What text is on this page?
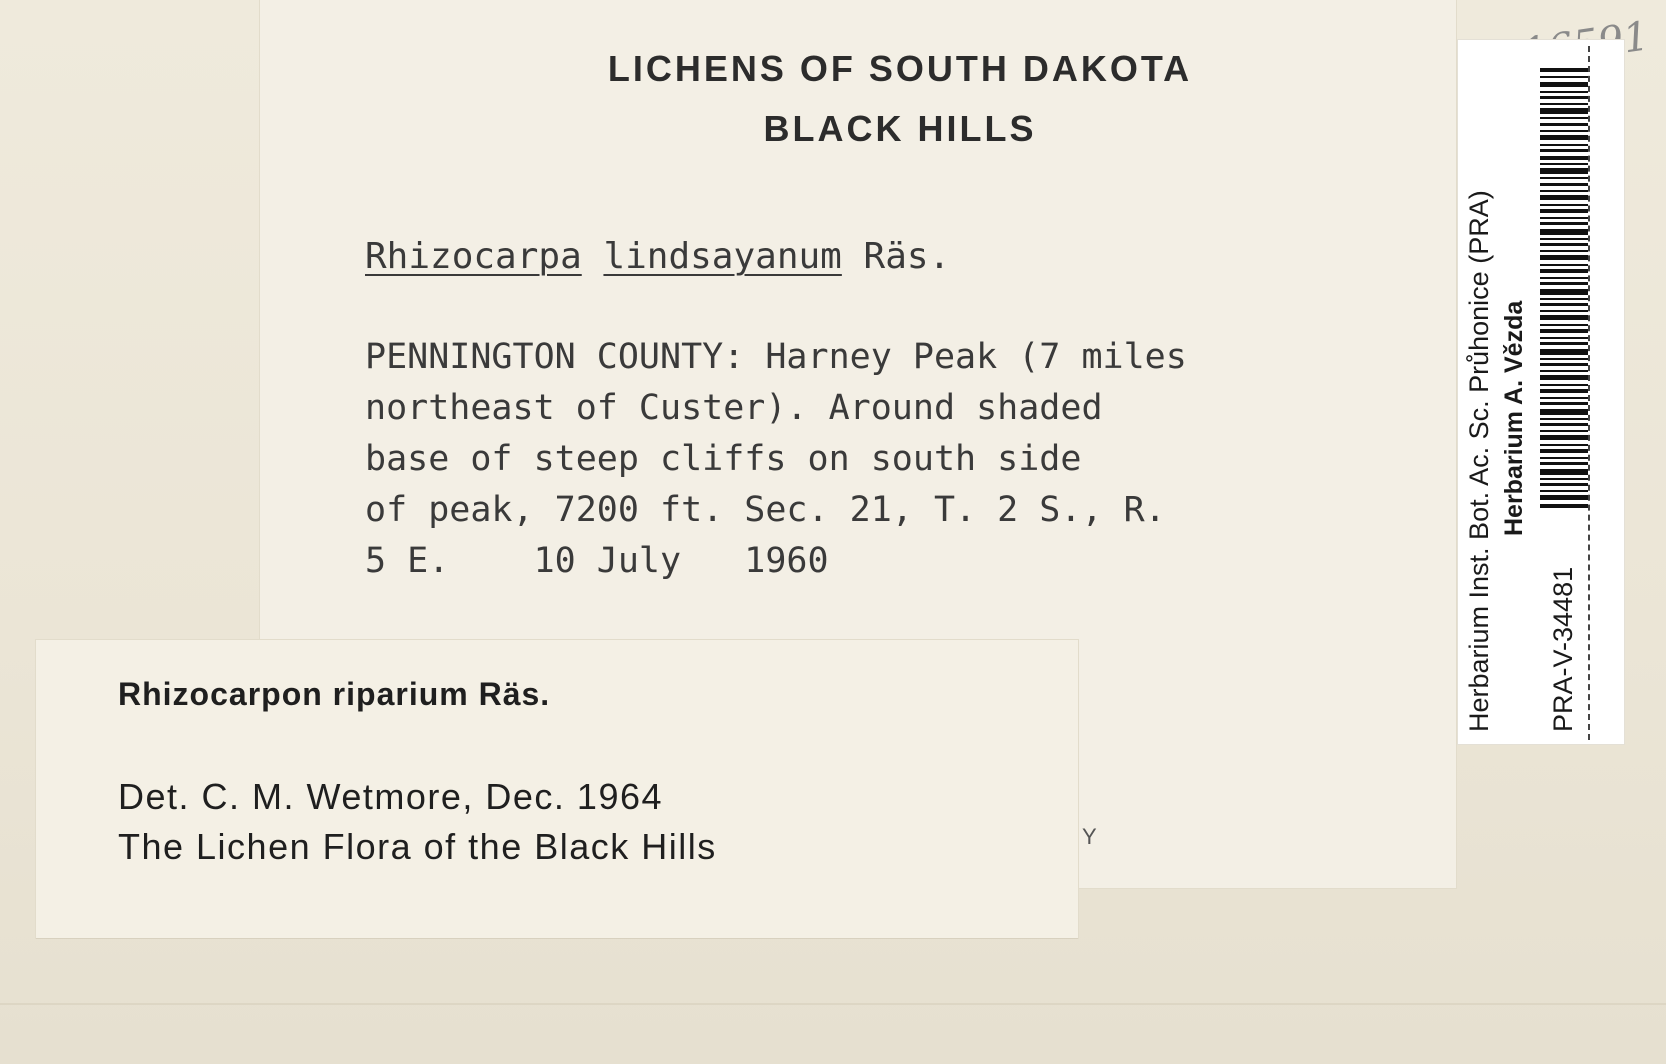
LICHENS OF SOUTH DAKOTA
BLACK HILLS
Rhizocarpa lindsayanum Räs.
PENNINGTON COUNTY: Harney Peak (7 miles
northeast of Custer). Around shaded
base of steep cliffs on south side
of peak, 7200 ft. Sec. 21, T. 2 S., R.
5 E.    10 July   1960
Y
Rhizocarpon riparium Räs.
Det. C. M. Wetmore, Dec. 1964
The Lichen Flora of the Black Hills
Herbarium Inst. Bot. Ac. Sc. Průhonice (PRA) Herbarium A. Vězda
PRA-V-34481
